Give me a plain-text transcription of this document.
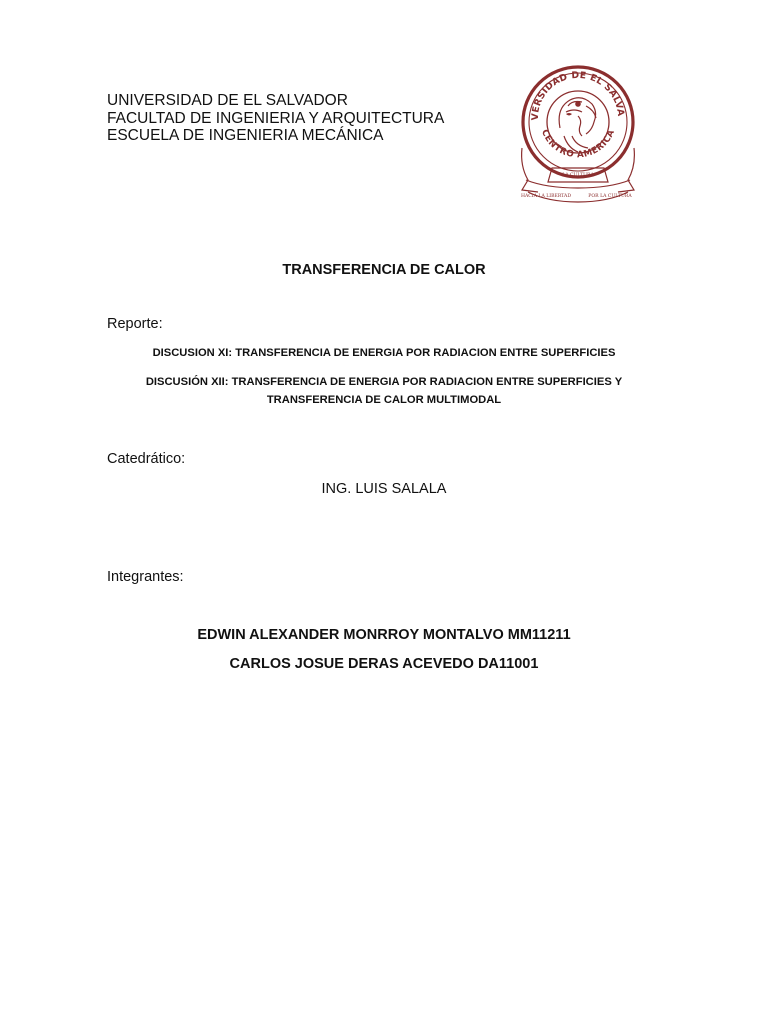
UNIVERSIDAD DE EL SALVADOR
FACULTAD DE INGENIERIA Y ARQUITECTURA
ESCUELA DE INGENIERIA MECÁNICA
VERSIDAD DE EL SALVA
CENTRO AMERICA
LA CULTURA
HACIA LA LIBERTAD	POR LA CULTURA
TRANSFERENCIA DE CALOR
Reporte:
DISCUSION XI: TRANSFERENCIA DE ENERGIA POR RADIACION ENTRE SUPERFICIES
DISCUSIÓN XII: TRANSFERENCIA DE ENERGIA POR RADIACION ENTRE SUPERFICIES Y TRANSFERENCIA DE CALOR MULTIMODAL
Catedrático:
ING. LUIS SALALA
Integrantes:
EDWIN ALEXANDER MONRROY MONTALVO MM11211
CARLOS JOSUE DERAS ACEVEDO DA11001
